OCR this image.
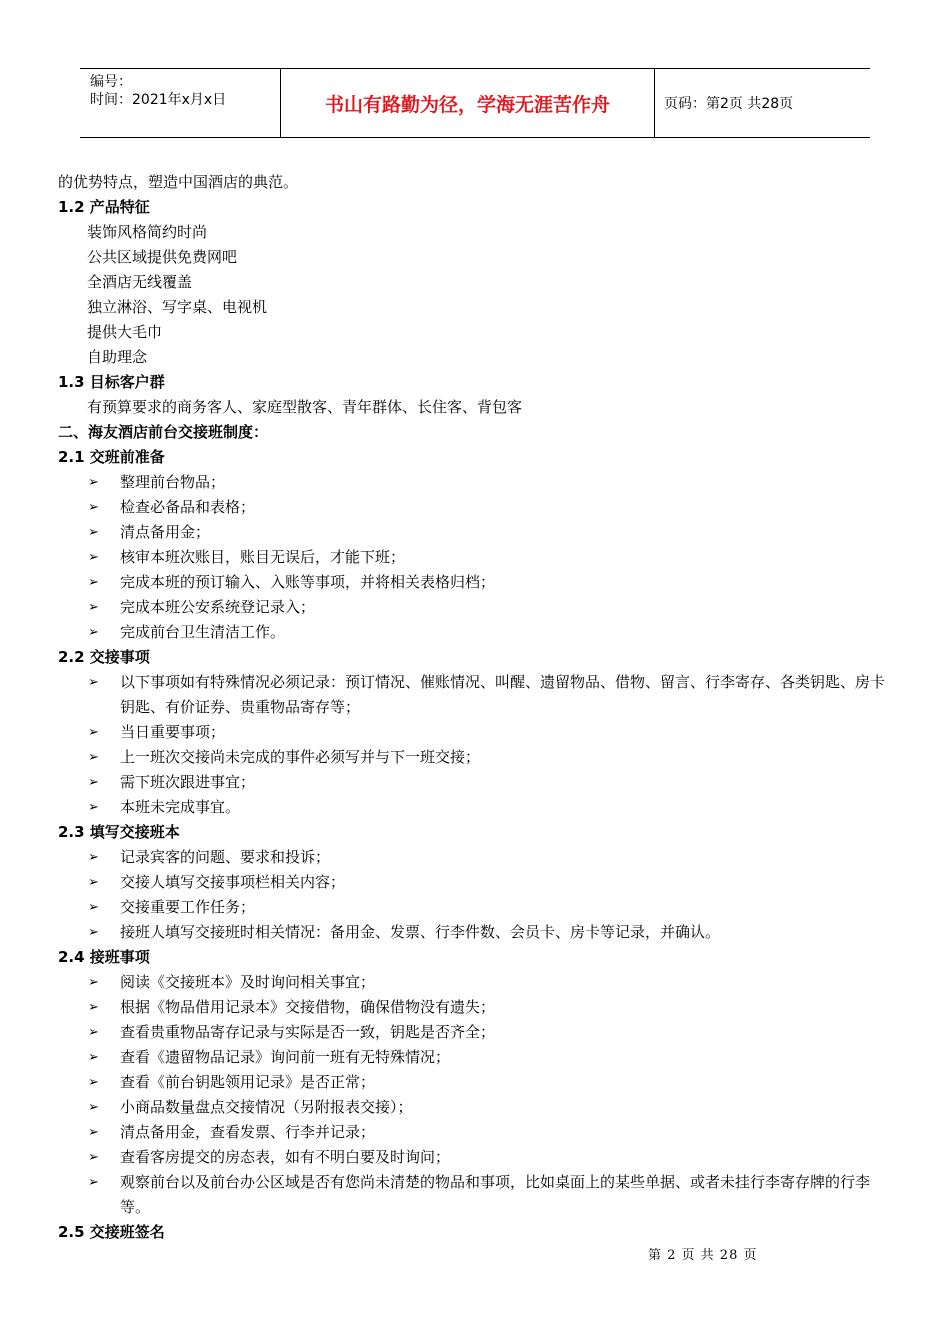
编号：
时间：2021年x月x日	书山有路勤为径，学海无涯苦作舟	页码：第2页 共28页
的优势特点，塑造中国酒店的典范。
1.2 产品特征
装饰风格简约时尚
公共区域提供免费网吧
全酒店无线覆盖
独立淋浴、写字桌、电视机
提供大毛巾
自助理念
1.3 目标客户群
有预算要求的商务客人、家庭型散客、青年群体、长住客、背包客
二、海友酒店前台交接班制度：
2.1 交班前准备
➢ 整理前台物品；
➢ 检查必备品和表格；
➢ 清点备用金；
➢ 核审本班次账目，账目无误后，才能下班；
➢ 完成本班的预订输入、入账等事项，并将相关表格归档；
➢ 完成本班公安系统登记录入；
➢ 完成前台卫生清洁工作。
2.2 交接事项
➢ 以下事项如有特殊情况必须记录：预订情况、催账情况、叫醒、遗留物品、借物、留言、行李寄存、各类钥匙、房卡钥匙、有价证券、贵重物品寄存等；
➢ 当日重要事项；
➢ 上一班次交接尚未完成的事件必须写并与下一班交接；
➢ 需下班次跟进事宜；
➢ 本班未完成事宜。
2.3 填写交接班本
➢ 记录宾客的问题、要求和投诉；
➢ 交接人填写交接事项栏相关内容；
➢ 交接重要工作任务；
➢ 接班人填写交接班时相关情况：备用金、发票、行李件数、会员卡、房卡等记录，并确认。
2.4 接班事项
➢ 阅读《交接班本》及时询问相关事宜；
➢ 根据《物品借用记录本》交接借物，确保借物没有遗失；
➢ 查看贵重物品寄存记录与实际是否一致，钥匙是否齐全；
➢ 查看《遗留物品记录》询问前一班有无特殊情况；
➢ 查看《前台钥匙领用记录》是否正常；
➢ 小商品数量盘点交接情况（另附报表交接）；
➢ 清点备用金，查看发票、行李并记录；
➢ 查看客房提交的房态表，如有不明白要及时询问；
➢ 观察前台以及前台办公区域是否有您尚未清楚的物品和事项，比如桌面上的某些单据、或者未挂行李寄存牌的行李等。
2.5 交接班签名
第 2 页 共 28 页
